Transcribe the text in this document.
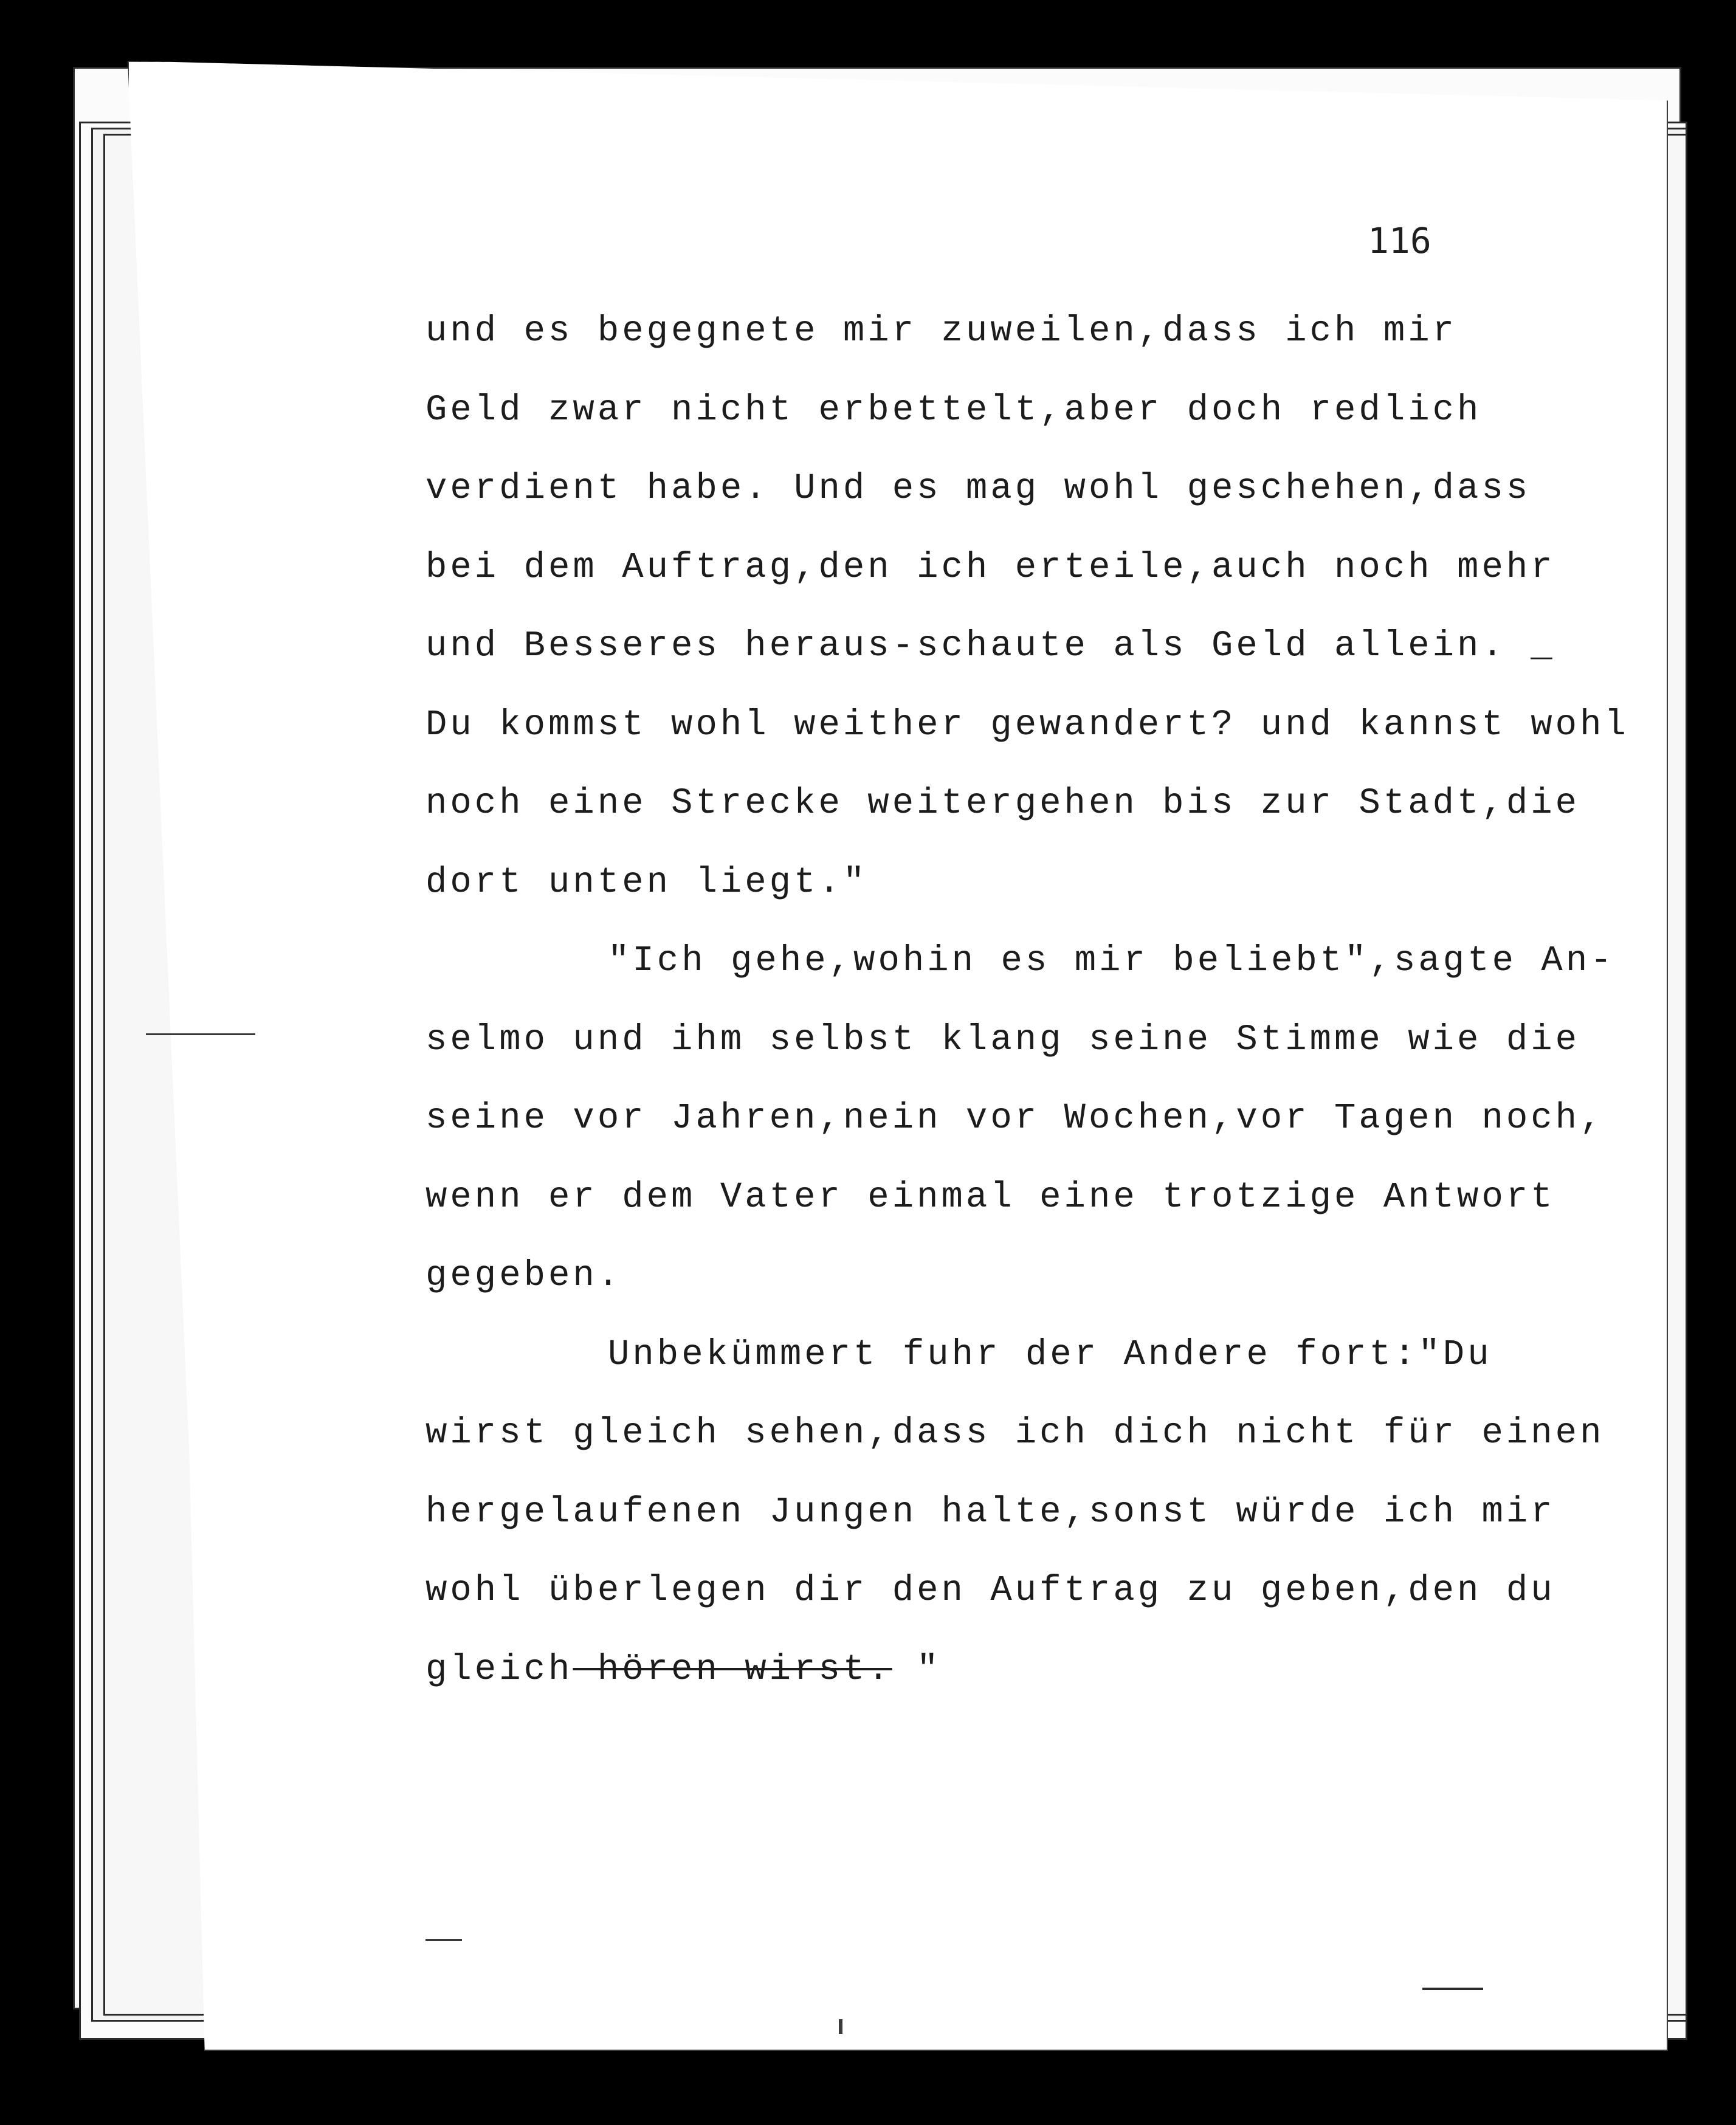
116
und es begegnete mir zuweilen,dass ich mir
Geld zwar nicht erbettelt,aber doch redlich
verdient habe. Und es mag wohl geschehen,dass
bei dem Auftrag,den ich erteile,auch noch mehr
und Besseres heraus-schaute als Geld allein. _
Du kommst wohl weither gewandert? und kannst wohl
noch eine Strecke weitergehen bis zur Stadt,die
dort unten liegt."
"Ich gehe,wohin es mir beliebt",sagte An-
selmo und ihm selbst klang seine Stimme wie die
seine vor Jahren,nein vor Wochen,vor Tagen noch,
wenn er dem Vater einmal eine trotzige Antwort
gegeben.
Unbekümmert fuhr der Andere fort:"Du
wirst gleich sehen,dass ich dich nicht für einen
hergelaufenen Jungen halte,sonst würde ich mir
wohl überlegen dir den Auftrag zu geben,den du
gleich hören wirst. "
